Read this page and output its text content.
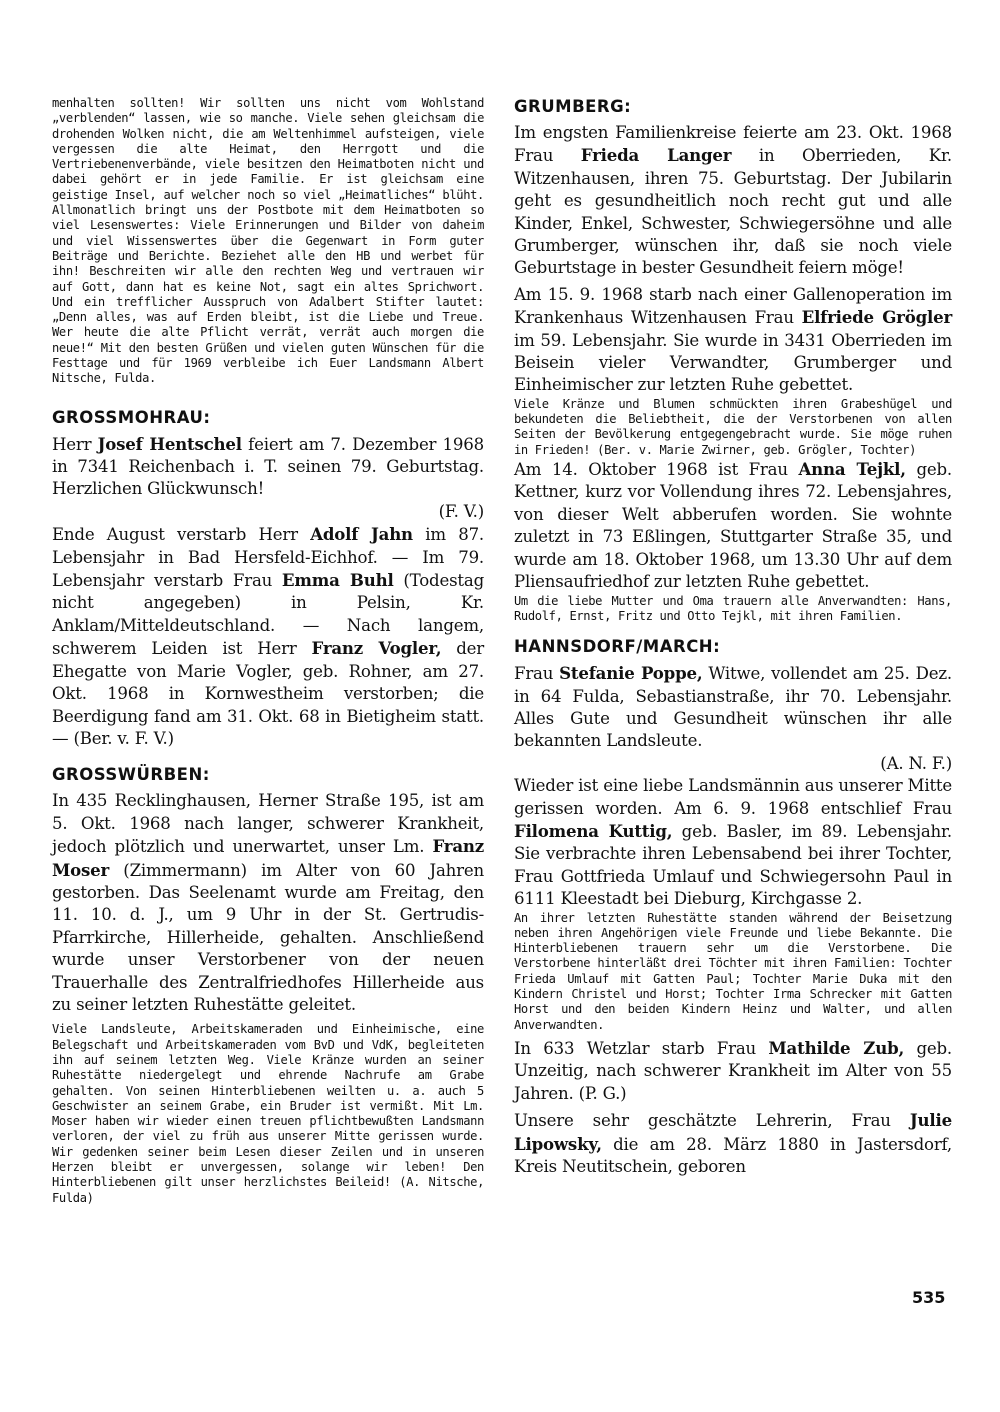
menhalten sollten! Wir sollten uns nicht vom Wohlstand „verblenden“ lassen, wie so manche. Viele sehen gleichsam die drohenden Wolken nicht, die am Weltenhimmel aufsteigen, viele vergessen die alte Heimat, den Herrgott und die Vertriebenenverbände, viele besitzen den Heimatboten nicht und dabei gehört er in jede Familie. Er ist gleichsam eine geistige Insel, auf welcher noch so viel „Heimatliches“ blüht. Allmonatlich bringt uns der Postbote mit dem Heimatboten so viel Lesenswertes: Viele Erinnerungen und Bilder von daheim und viel Wissenswertes über die Gegenwart in Form guter Beiträge und Berichte. Beziehet alle den HB und werbet für ihn! Beschreiten wir alle den rechten Weg und vertrauen wir auf Gott, dann hat es keine Not, sagt ein altes Sprichwort. Und ein trefflicher Ausspruch von Adalbert Stifter lautet: „Denn alles, was auf Erden bleibt, ist die Liebe und Treue. Wer heute die alte Pflicht verrät, verrät auch morgen die neue!“ Mit den besten Grüßen und vielen guten Wünschen für die Festtage und für 1969 verbleibe ich Euer Landsmann Albert Nitsche, Fulda.

GROSSMOHRAU:

Herr Josef Hentschel feiert am 7. Dezember 1968 in 7341 Reichenbach i. T. seinen 79. Geburtstag. Herzlichen Glückwunsch!

(F. V.)

Ende August verstarb Herr Adolf Jahn im 87. Lebensjahr in Bad Hersfeld-Eichhof. — Im 79. Lebensjahr verstarb Frau Emma Buhl (Todestag nicht angegeben) in Pelsin, Kr. Anklam/Mitteldeutschland. — Nach langem, schwerem Leiden ist Herr Franz Vogler, der Ehegatte von Marie Vogler, geb. Rohner, am 27. Okt. 1968 in Kornwestheim verstorben; die Beerdigung fand am 31. Okt. 68 in Bietigheim statt. — (Ber. v. F. V.)

GROSSWÜRBEN:

In 435 Recklinghausen, Herner Straße 195, ist am 5. Okt. 1968 nach langer, schwerer Krankheit, jedoch plötzlich und unerwartet, unser Lm. Franz Moser (Zimmermann) im Alter von 60 Jahren gestorben. Das Seelenamt wurde am Freitag, den 11. 10. d. J., um 9 Uhr in der St. Gertrudis-Pfarrkirche, Hillerheide, gehalten. Anschließend wurde unser Verstorbener von der neuen Trauerhalle des Zentralfriedhofes Hillerheide aus zu seiner letzten Ruhestätte geleitet.

Viele Landsleute, Arbeitskameraden und Einheimische, eine Belegschaft und Arbeitskameraden vom BvD und VdK, begleiteten ihn auf seinem letzten Weg. Viele Kränze wurden an seiner Ruhestätte niedergelegt und ehrende Nachrufe am Grabe gehalten. Von seinen Hinterbliebenen weilten u. a. auch 5 Geschwister an seinem Grabe, ein Bruder ist vermißt. Mit Lm. Moser haben wir wieder einen treuen pflichtbewußten Landsmann verloren, der viel zu früh aus unserer Mitte gerissen wurde. Wir gedenken seiner beim Lesen dieser Zeilen und in unseren Herzen bleibt er unvergessen, solange wir leben! Den Hinterbliebenen gilt unser herzlichstes Beileid! (A. Nitsche, Fulda)

GRUMBERG:

Im engsten Familienkreise feierte am 23. Okt. 1968 Frau Frieda Langer in Oberrieden, Kr. Witzenhausen, ihren 75. Geburtstag. Der Jubilarin geht es gesundheitlich noch recht gut und alle Kinder, Enkel, Schwester, Schwiegersöhne und alle Grumberger, wünschen ihr, daß sie noch viele Geburtstage in bester Gesundheit feiern möge!

Am 15. 9. 1968 starb nach einer Gallenoperation im Krankenhaus Witzenhausen Frau Elfriede Grögler im 59. Lebensjahr. Sie wurde in 3431 Oberrieden im Beisein vieler Verwandter, Grumberger und Einheimischer zur letzten Ruhe gebettet.

Viele Kränze und Blumen schmückten ihren Grabeshügel und bekundeten die Beliebtheit, die der Verstorbenen von allen Seiten der Bevölkerung entgegengebracht wurde. Sie möge ruhen in Frieden! (Ber. v. Marie Zwirner, geb. Grögler, Tochter)

Am 14. Oktober 1968 ist Frau Anna Tejkl, geb. Kettner, kurz vor Vollendung ihres 72. Lebensjahres, von dieser Welt abberufen worden. Sie wohnte zuletzt in 73 Eßlingen, Stuttgarter Straße 35, und wurde am 18. Oktober 1968, um 13.30 Uhr auf dem Pliensaufriedhof zur letzten Ruhe gebettet.

Um die liebe Mutter und Oma trauern alle Anverwandten: Hans, Rudolf, Ernst, Fritz und Otto Tejkl, mit ihren Familien.

HANNSDORF/MARCH:

Frau Stefanie Poppe, Witwe, vollendet am 25. Dez. in 64 Fulda, Sebastianstraße, ihr 70. Lebensjahr. Alles Gute und Gesundheit wünschen ihr alle bekannten Landsleute.

(A. N. F.)

Wieder ist eine liebe Landsmännin aus unserer Mitte gerissen worden. Am 6. 9. 1968 entschlief Frau Filomena Kuttig, geb. Basler, im 89. Lebensjahr. Sie verbrachte ihren Lebensabend bei ihrer Tochter, Frau Gottfrieda Umlauf und Schwiegersohn Paul in 6111 Kleestadt bei Dieburg, Kirchgasse 2.

An ihrer letzten Ruhestätte standen während der Beisetzung neben ihren Angehörigen viele Freunde und liebe Bekannte. Die Hinterbliebenen trauern sehr um die Verstorbene. Die Verstorbene hinterläßt drei Töchter mit ihren Familien: Tochter Frieda Umlauf mit Gatten Paul; Tochter Marie Duka mit den Kindern Christel und Horst; Tochter Irma Schrecker mit Gatten Horst und den beiden Kindern Heinz und Walter, und allen Anverwandten.

In 633 Wetzlar starb Frau Mathilde Zub, geb. Unzeitig, nach schwerer Krankheit im Alter von 55 Jahren. (P. G.)

Unsere sehr geschätzte Lehrerin, Frau Julie Lipowsky, die am 28. März 1880 in Jastersdorf, Kreis Neutitschein, geboren

535
